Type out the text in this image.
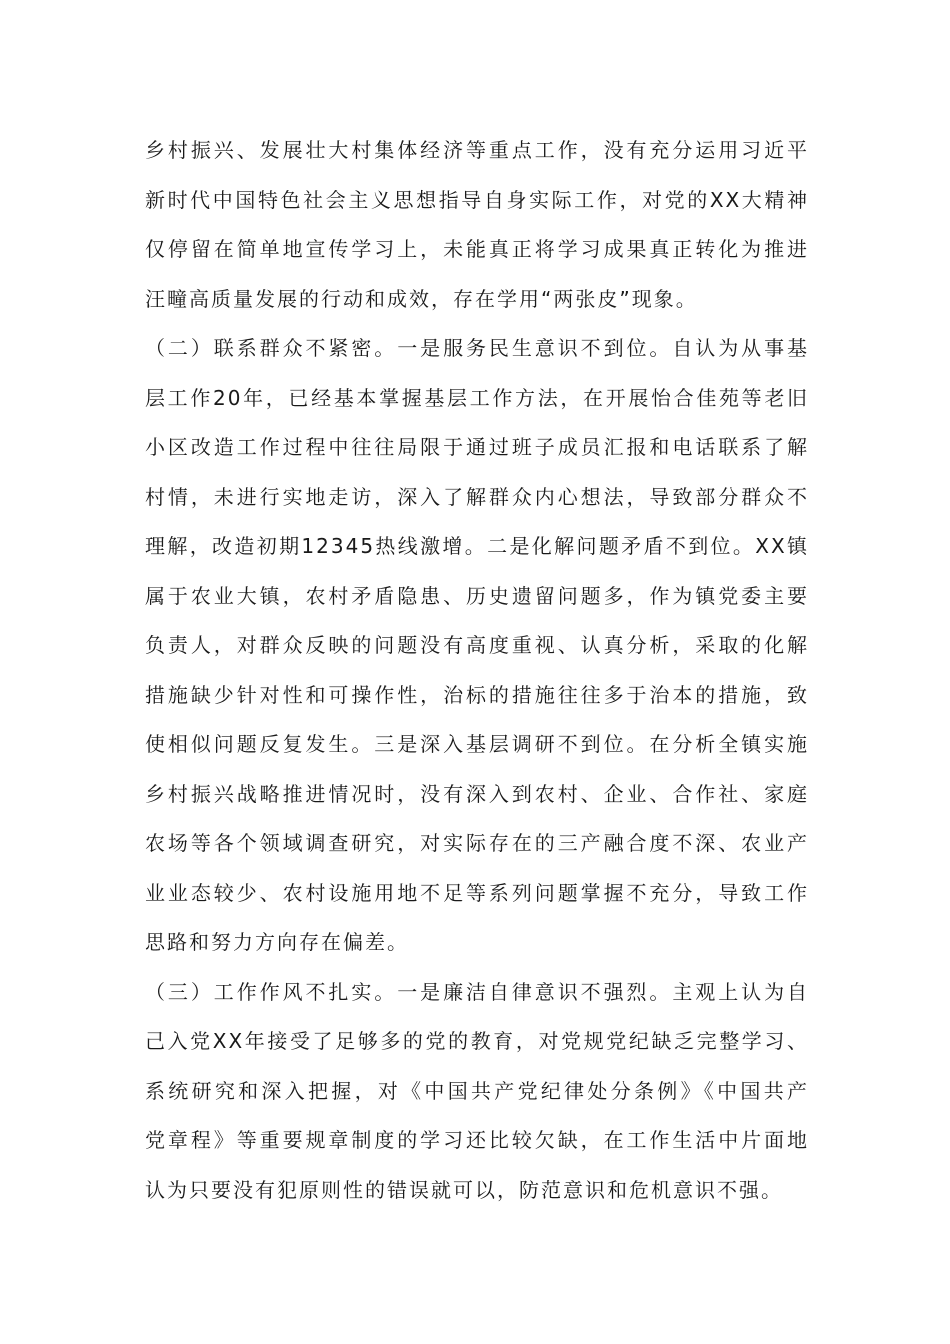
乡村振兴、发展壮大村集体经济等重点工作，没有充分运用习近平
新时代中国特色社会主义思想指导自身实际工作，对党的XX大精神
仅停留在简单地宣传学习上，未能真正将学习成果真正转化为推进
汪疃高质量发展的行动和成效，存在学用“两张皮”现象。
（二）联系群众不紧密。一是服务民生意识不到位。自认为从事基
层工作20年，已经基本掌握基层工作方法，在开展怡合佳苑等老旧
小区改造工作过程中往往局限于通过班子成员汇报和电话联系了解
村情，未进行实地走访，深入了解群众内心想法，导致部分群众不
理解，改造初期12345热线激增。二是化解问题矛盾不到位。XX镇
属于农业大镇，农村矛盾隐患、历史遗留问题多，作为镇党委主要
负责人，对群众反映的问题没有高度重视、认真分析，采取的化解
措施缺少针对性和可操作性，治标的措施往往多于治本的措施，致
使相似问题反复发生。三是深入基层调研不到位。在分析全镇实施
乡村振兴战略推进情况时，没有深入到农村、企业、合作社、家庭
农场等各个领域调查研究，对实际存在的三产融合度不深、农业产
业业态较少、农村设施用地不足等系列问题掌握不充分，导致工作
思路和努力方向存在偏差。
（三）工作作风不扎实。一是廉洁自律意识不强烈。主观上认为自
己入党XX年接受了足够多的党的教育，对党规党纪缺乏完整学习、
系统研究和深入把握，对《中国共产党纪律处分条例》《中国共产
党章程》等重要规章制度的学习还比较欠缺，在工作生活中片面地
认为只要没有犯原则性的错误就可以，防范意识和危机意识不强。
